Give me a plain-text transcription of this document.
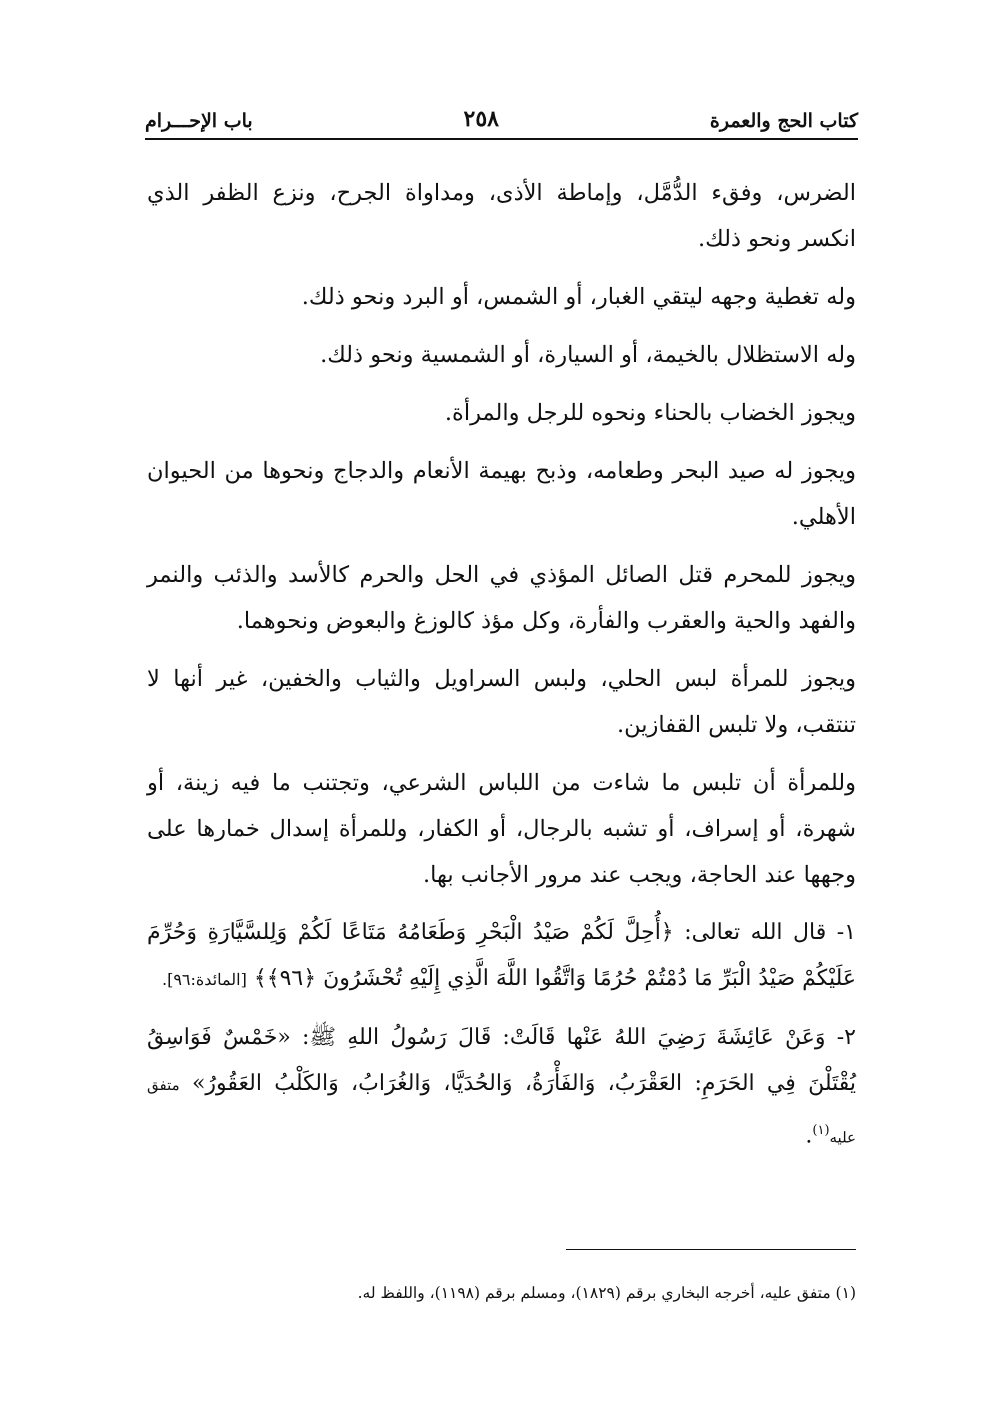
كتاب الحج والعمرة
٢٥٨
باب الإحـــرام

الضرس، وفقء الدُّمَّل، وإماطة الأذى، ومداواة الجرح، ونزع الظفر الذي انكسر ونحو ذلك.

وله تغطية وجهه ليتقي الغبار، أو الشمس، أو البرد ونحو ذلك.

وله الاستظلال بالخيمة، أو السيارة، أو الشمسية ونحو ذلك.

ويجوز الخضاب بالحناء ونحوه للرجل والمرأة.

ويجوز له صيد البحر وطعامه، وذبح بهيمة الأنعام والدجاج ونحوها من الحيوان الأهلي.

ويجوز للمحرم قتل الصائل المؤذي في الحل والحرم كالأسد والذئب والنمر والفهد والحية والعقرب والفأرة، وكل مؤذ كالوزغ والبعوض ونحوهما.

ويجوز للمرأة لبس الحلي، ولبس السراويل والثياب والخفين، غير أنها لا تنتقب، ولا تلبس القفازين.

وللمرأة أن تلبس ما شاءت من اللباس الشرعي، وتجتنب ما فيه زينة، أو شهرة، أو إسراف، أو تشبه بالرجال، أو الكفار، وللمرأة إسدال خمارها على وجهها عند الحاجة، ويجب عند مرور الأجانب بها.

١- قال الله تعالى: ﴿أُحِلَّ لَكُمْ صَيْدُ الْبَحْرِ وَطَعَامُهُ مَتَاعًا لَكُمْ وَلِلسَّيَّارَةِ وَحُرِّمَ عَلَيْكُمْ صَيْدُ الْبَرِّ مَا دُمْتُمْ حُرُمًا وَاتَّقُوا اللَّهَ الَّذِي إِلَيْهِ تُحْشَرُونَ ﴿٩٦﴾﴾ [المائدة:٩٦].

٢- وَعَنْ عَائِشَةَ رَضِيَ اللهُ عَنْها قَالَتْ: قَالَ رَسُولُ اللهِ ﷺ: «خَمْسٌ فَوَاسِقُ يُقْتَلْنَ فِي الحَرَمِ: العَقْرَبُ، وَالفَأْرَةُ، وَالحُدَيَّا، وَالغُرَابُ، وَالكَلْبُ العَقُورُ» متفق عليه$^{(١)}$.

(١) متفق عليه، أخرجه البخاري برقم (١٨٢٩)، ومسلم برقم (١١٩٨)، واللفظ له.
